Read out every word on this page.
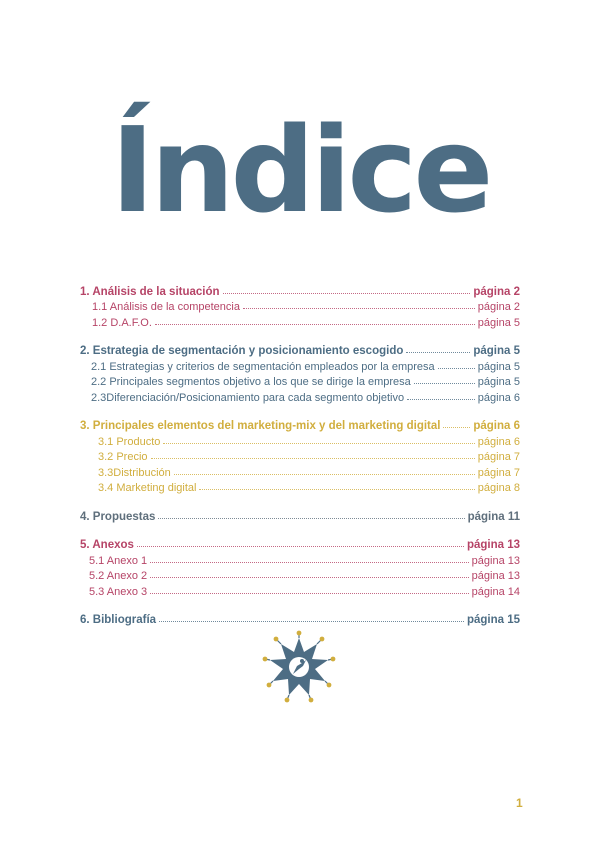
Índice
1. Análisis de la situación	página 2
1.1 Análisis de la competencia	página 2
1.2 D.A.F.O.	página 5
2. Estrategia de segmentación y posicionamiento escogido	página 5
2.1 Estrategias y criterios de segmentación empleados por la empresa	página 5
2.2 Principales segmentos objetivo a los que se dirige la empresa	página 5
2.3Diferenciación/Posicionamiento para cada segmento objetivo	página 6
3. Principales elementos del marketing-mix y del marketing digital	página 6
3.1 Producto	página 6
3.2 Precio	página 7
3.3Distribución	página 7
3.4 Marketing digital	página 8
4. Propuestas	página 11
5. Anexos	página 13
5.1 Anexo 1	página 13
5.2 Anexo 2	página 13
5.3 Anexo 3	página 14
6. Bibliografía	página 15
1
